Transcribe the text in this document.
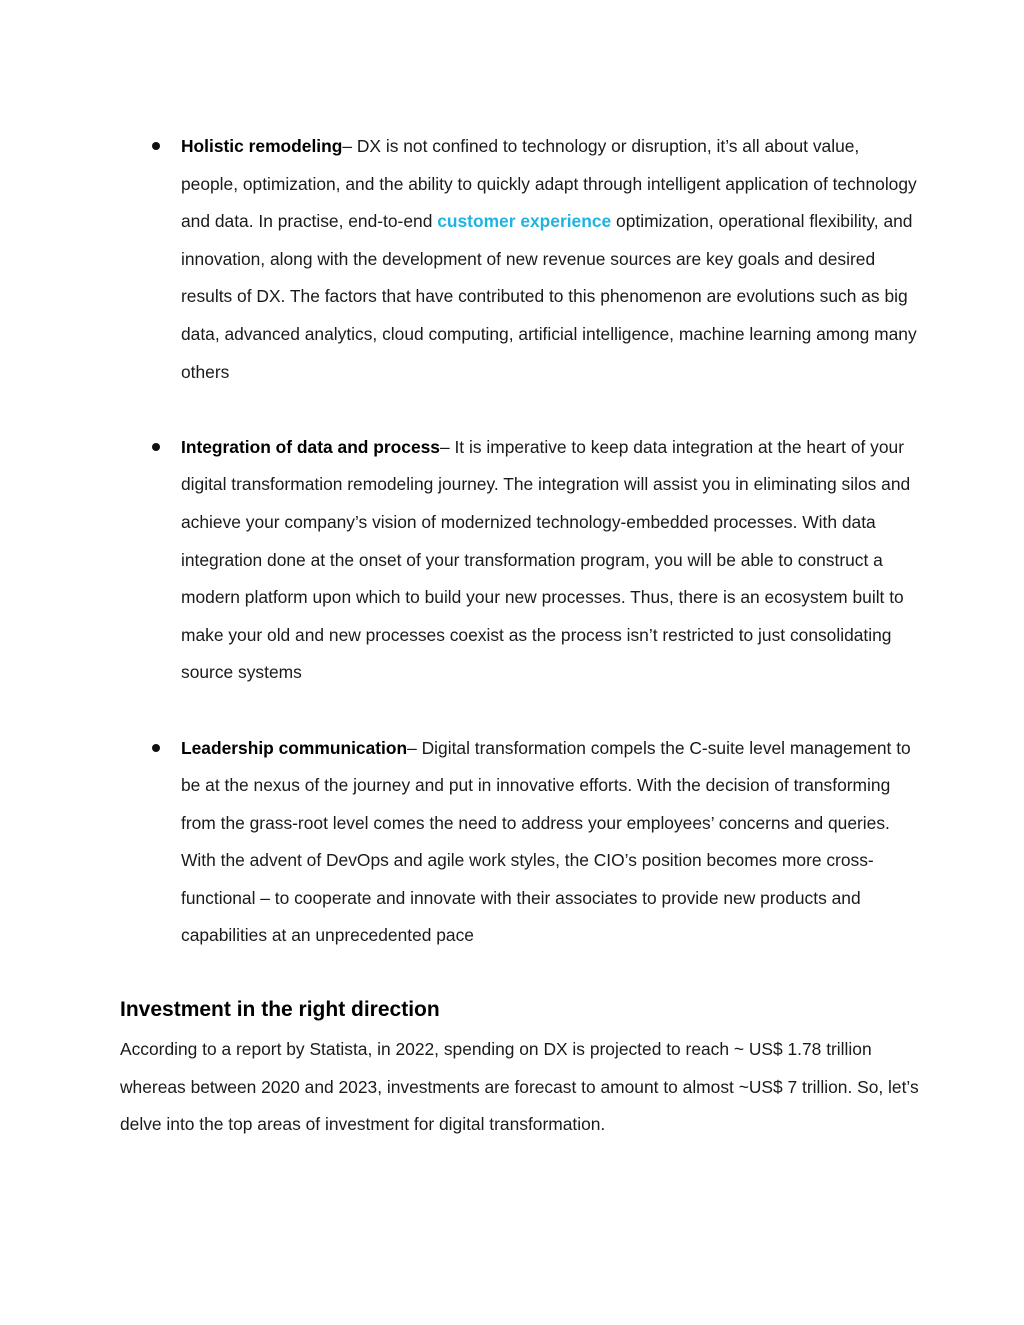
Holistic remodeling– DX is not confined to technology or disruption, it’s all about value, people, optimization, and the ability to quickly adapt through intelligent application of technology and data. In practise, end-to-end customer experience optimization, operational flexibility, and innovation, along with the development of new revenue sources are key goals and desired results of DX. The factors that have contributed to this phenomenon are evolutions such as big data, advanced analytics, cloud computing, artificial intelligence, machine learning among many others
Integration of data and process– It is imperative to keep data integration at the heart of your digital transformation remodeling journey. The integration will assist you in eliminating silos and achieve your company’s vision of modernized technology-embedded processes. With data integration done at the onset of your transformation program, you will be able to construct a modern platform upon which to build your new processes. Thus, there is an ecosystem built to make your old and new processes coexist as the process isn’t restricted to just consolidating source systems
Leadership communication– Digital transformation compels the C-suite level management to be at the nexus of the journey and put in innovative efforts. With the decision of transforming from the grass-root level comes the need to address your employees’ concerns and queries. With the advent of DevOps and agile work styles, the CIO’s position becomes more cross-functional – to cooperate and innovate with their associates to provide new products and capabilities at an unprecedented pace
Investment in the right direction

According to a report by Statista, in 2022, spending on DX is projected to reach ~ US$ 1.78 trillion whereas between 2020 and 2023, investments are forecast to amount to almost ~US$ 7 trillion. So, let’s delve into the top areas of investment for digital transformation.
